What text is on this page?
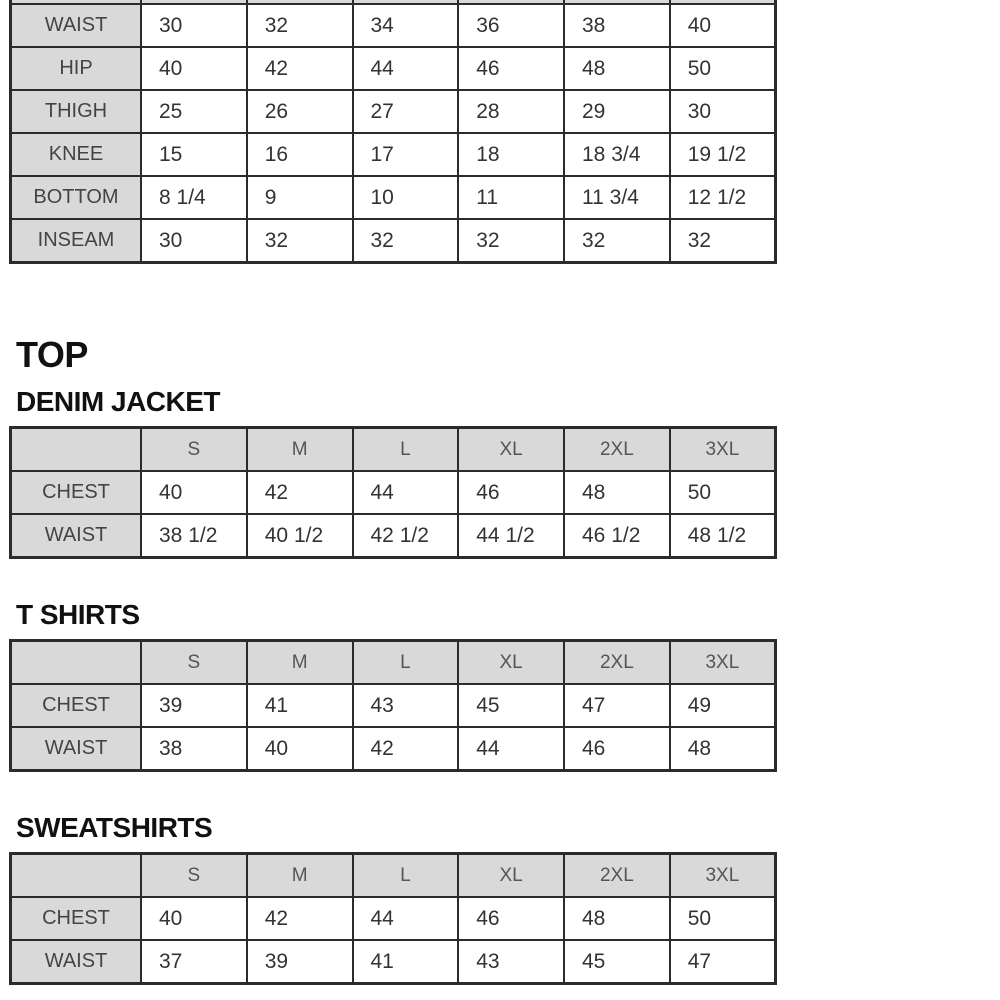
WAIST	30	32	34	36	38	40
HIP	40	42	44	46	48	50
THIGH	25	26	27	28	29	30
KNEE	15	16	17	18	18 3/4	19 1/2
BOTTOM	8 1/4	9	10	11	11 3/4	12 1/2
INSEAM	30	32	32	32	32	32
TOP
DENIM JACKET
	S	M	L	XL	2XL	3XL
CHEST	40	42	44	46	48	50
WAIST	38 1/2	40 1/2	42 1/2	44 1/2	46 1/2	48 1/2
T SHIRTS
	S	M	L	XL	2XL	3XL
CHEST	39	41	43	45	47	49
WAIST	38	40	42	44	46	48
SWEATSHIRTS
	S	M	L	XL	2XL	3XL
CHEST	40	42	44	46	48	50
WAIST	37	39	41	43	45	47
